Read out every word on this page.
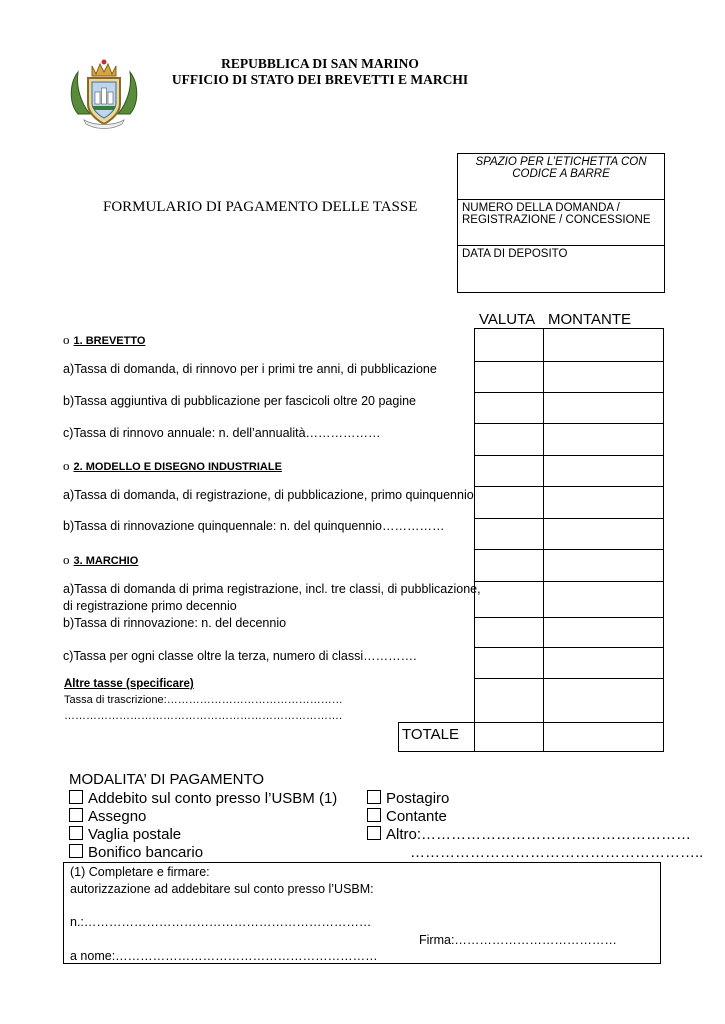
REPUBBLICA DI SAN MARINO
UFFICIO DI STATO DEI BREVETTI E MARCHI
FORMULARIO DI PAGAMENTO DELLE TASSE
SPAZIO PER L’ETICHETTA CON CODICE A BARRE
NUMERO DELLA DOMANDA / REGISTRAZIONE / CONCESSIONE
DATA DI DEPOSITO
VALUTA MONTANTE
o 1. BREVETTO
a)Tassa di domanda, di rinnovo per i primi tre anni, di pubblicazione
b)Tassa aggiuntiva di pubblicazione per fascicoli oltre 20 pagine
c)Tassa di rinnovo annuale: n. dell’annualità………………
o 2. MODELLO E DISEGNO INDUSTRIALE
a)Tassa di domanda, di registrazione, di pubblicazione, primo quinquennio
b)Tassa di rinnovazione quinquennale: n. del quinquennio……………
o 3. MARCHIO
a)Tassa di domanda di prima registrazione, incl. tre classi, di pubblicazione,
di registrazione primo decennio
b)Tassa di rinnovazione: n. del decennio
c)Tassa per ogni classe oltre la terza, numero di classi………….
Altre tasse (specificare)
Tassa di trascrizione:…………………………………………
………………………………………………………………….
TOTALE
MODALITA’ DI PAGAMENTO
Addebito sul conto presso l’USBM (1)
Assegno
Vaglia postale
Bonifico bancario
Postagiro
Contante
Altro:………………………………………………
…………………………………………………..
(1) Completare e firmare:
autorizzazione ad addebitare sul conto presso l’USBM:
n.:……………………………………………………………
Firma:…………………………………
a nome:………………………………………………………
